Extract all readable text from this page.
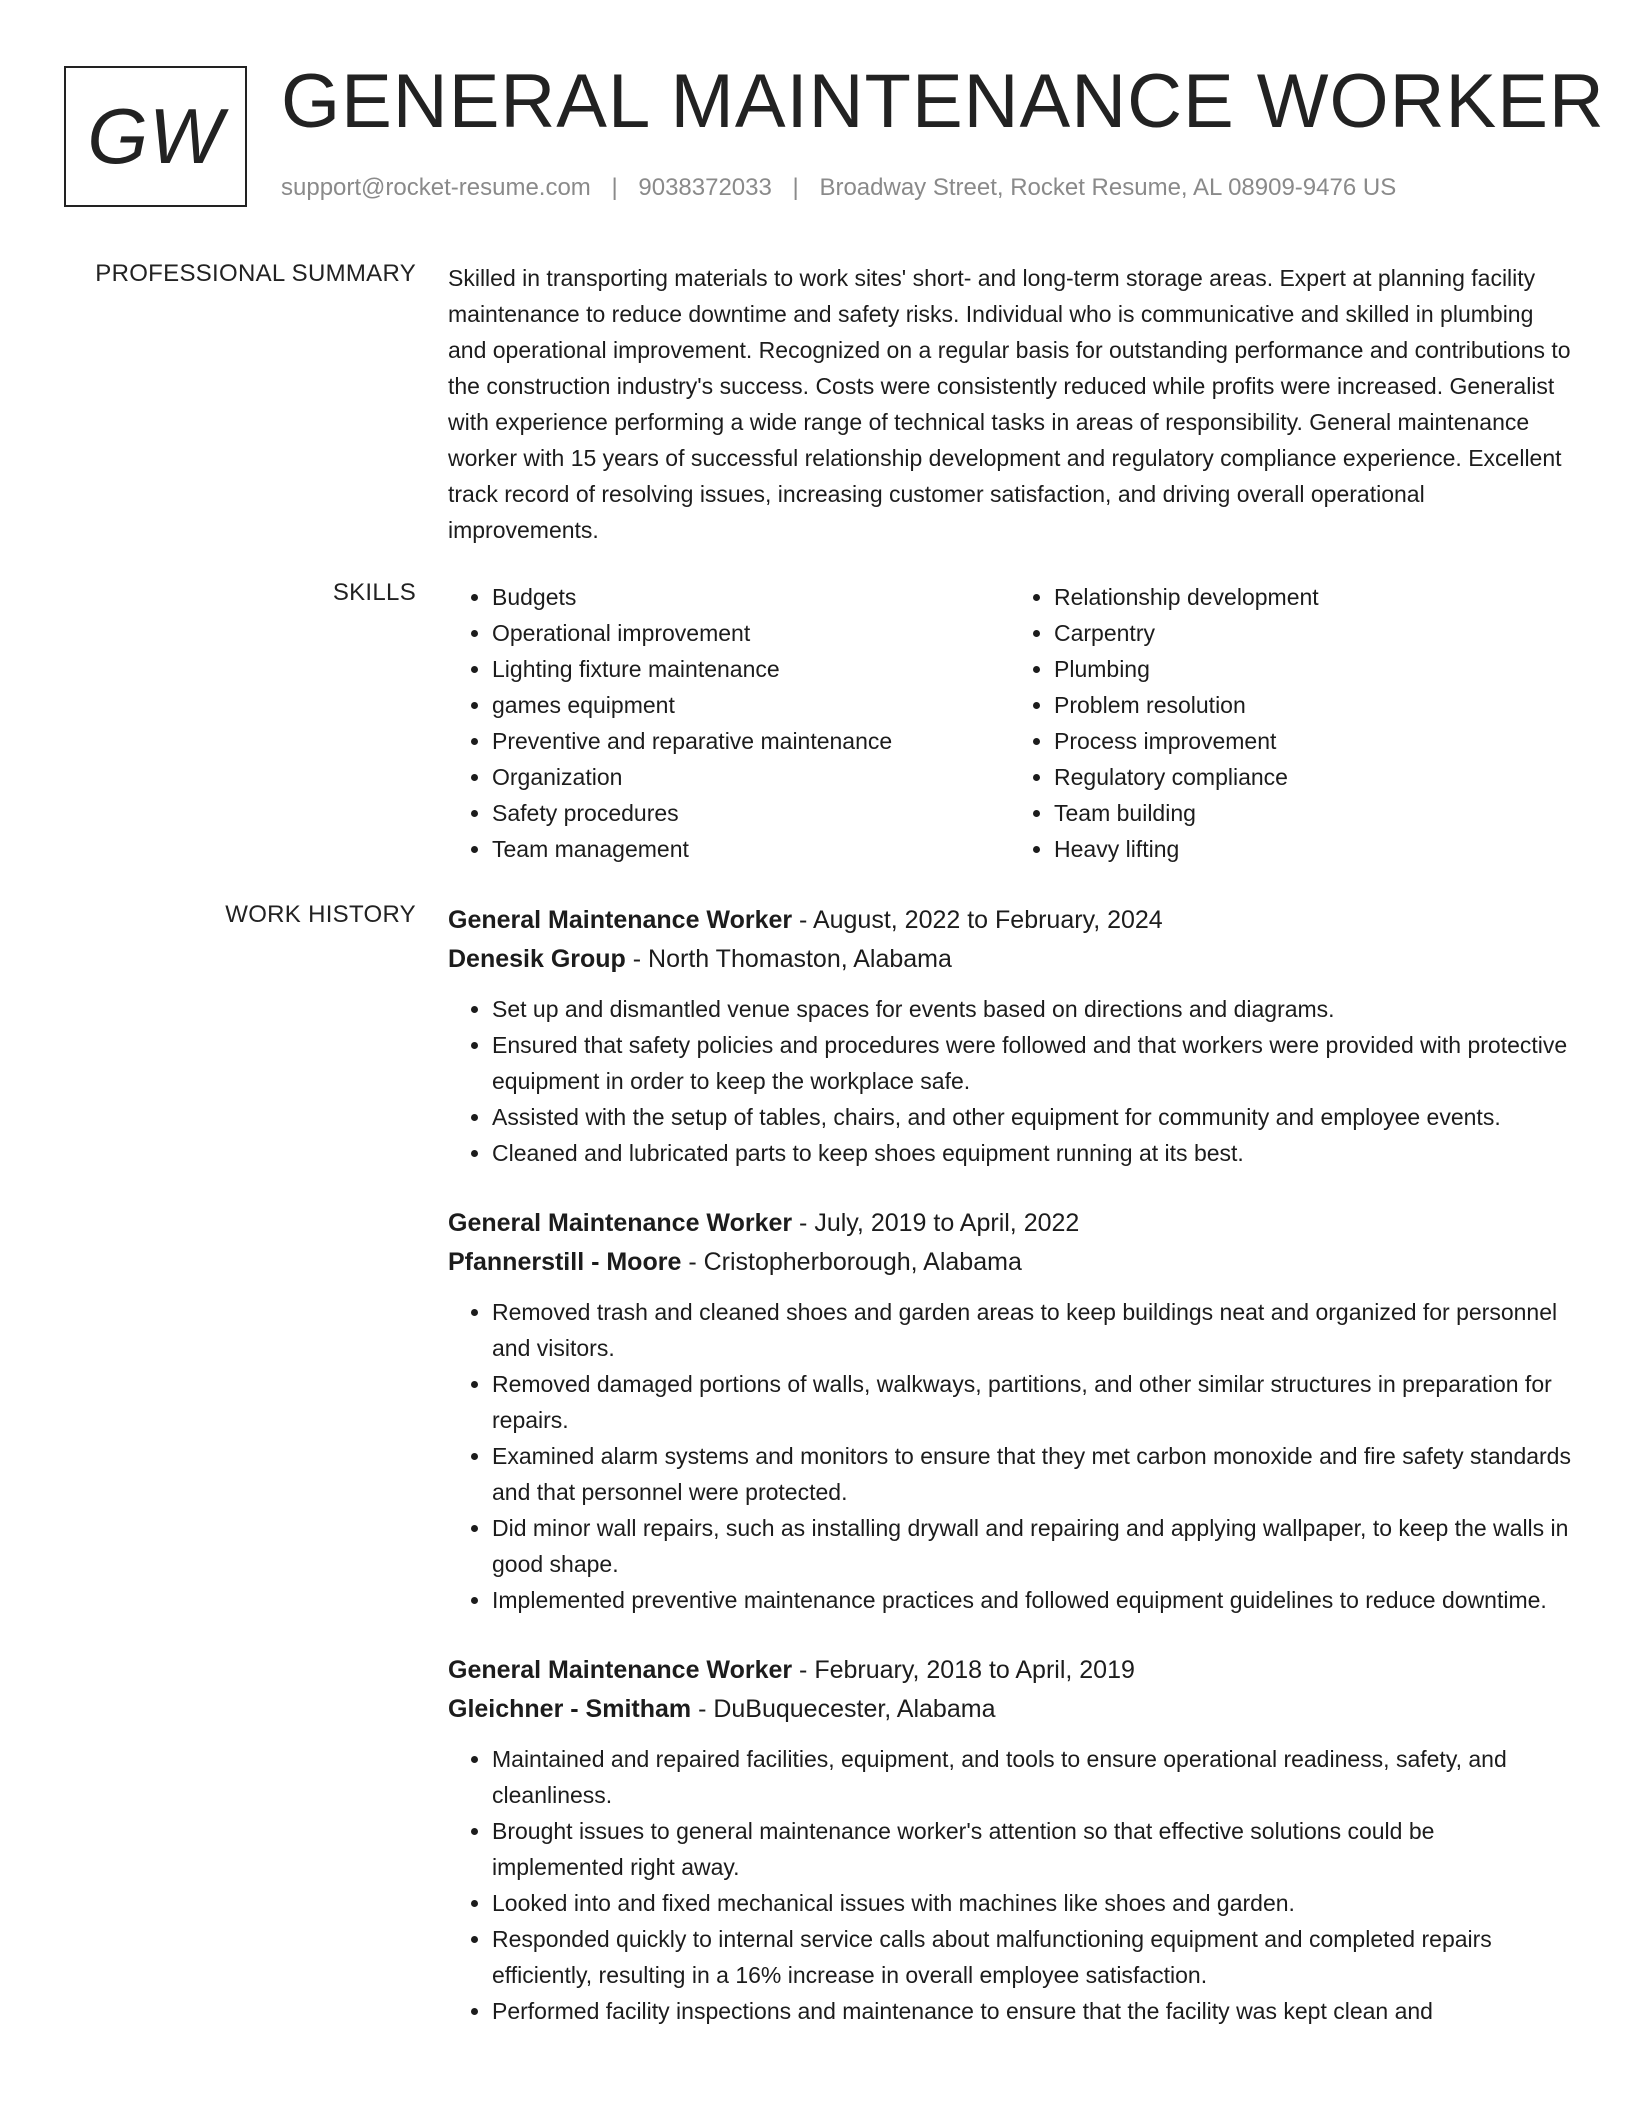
GW GENERAL MAINTENANCE WORKER
support@rocket-resume.com | 9038372033 | Broadway Street, Rocket Resume, AL 08909-9476 US
PROFESSIONAL SUMMARY Skilled in transporting materials to work sites' short- and long-term storage areas. Expert at planning facility maintenance to reduce downtime and safety risks. Individual who is communicative and skilled in plumbing and operational improvement. Recognized on a regular basis for outstanding performance and contributions to the construction industry's success. Costs were consistently reduced while profits were increased. Generalist with experience performing a wide range of technical tasks in areas of responsibility. General maintenance worker with 15 years of successful relationship development and regulatory compliance experience. Excellent track record of resolving issues, increasing customer satisfaction, and driving overall operational improvements.

SKILLS
•	Budgets
• Operational improvement
• Lighting fixture maintenance
• games equipment
• Preventive and reparative maintenance
• Organization
• Safety procedures
• Team management
• Relationship development
• Carpentry
• Plumbing
• Problem resolution
• Process improvement
• Regulatory compliance
• Team building
• Heavy lifting
WORK HISTORY General Maintenance Worker - August, 2022 to February, 2024
Denesik Group - North Thomaston, Alabama
• Set up and dismantled venue spaces for events based on directions and diagrams.
• Ensured that safety policies and procedures were followed and that workers were provided with protective equipment in order to keep the workplace safe.
• Assisted with the setup of tables, chairs, and other equipment for community and employee events.
• Cleaned and lubricated parts to keep shoes equipment running at its best.
General Maintenance Worker - July, 2019 to April, 2022
Pfannerstill - Moore - Cristopherborough, Alabama
• Removed trash and cleaned shoes and garden areas to keep buildings neat and organized for personnel and visitors.
• Removed damaged portions of walls, walkways, partitions, and other similar structures in preparation for repairs.
• Examined alarm systems and monitors to ensure that they met carbon monoxide and fire safety standards and that personnel were protected.
• Did minor wall repairs, such as installing drywall and repairing and applying wallpaper, to keep the walls in good shape.
• Implemented preventive maintenance practices and followed equipment guidelines to reduce downtime.
General Maintenance Worker - February, 2018 to April, 2019
Gleichner - Smitham - DuBuquecester, Alabama
• Maintained and repaired facilities, equipment, and tools to ensure operational readiness, safety, and cleanliness.
• Brought issues to general maintenance worker's attention so that effective solutions could be implemented right away.
• Looked into and fixed mechanical issues with machines like shoes and garden.
• Responded quickly to internal service calls about malfunctioning equipment and completed repairs efficiently, resulting in a 16% increase in overall employee satisfaction.
• Performed facility inspections and maintenance to ensure that the facility was kept clean and
